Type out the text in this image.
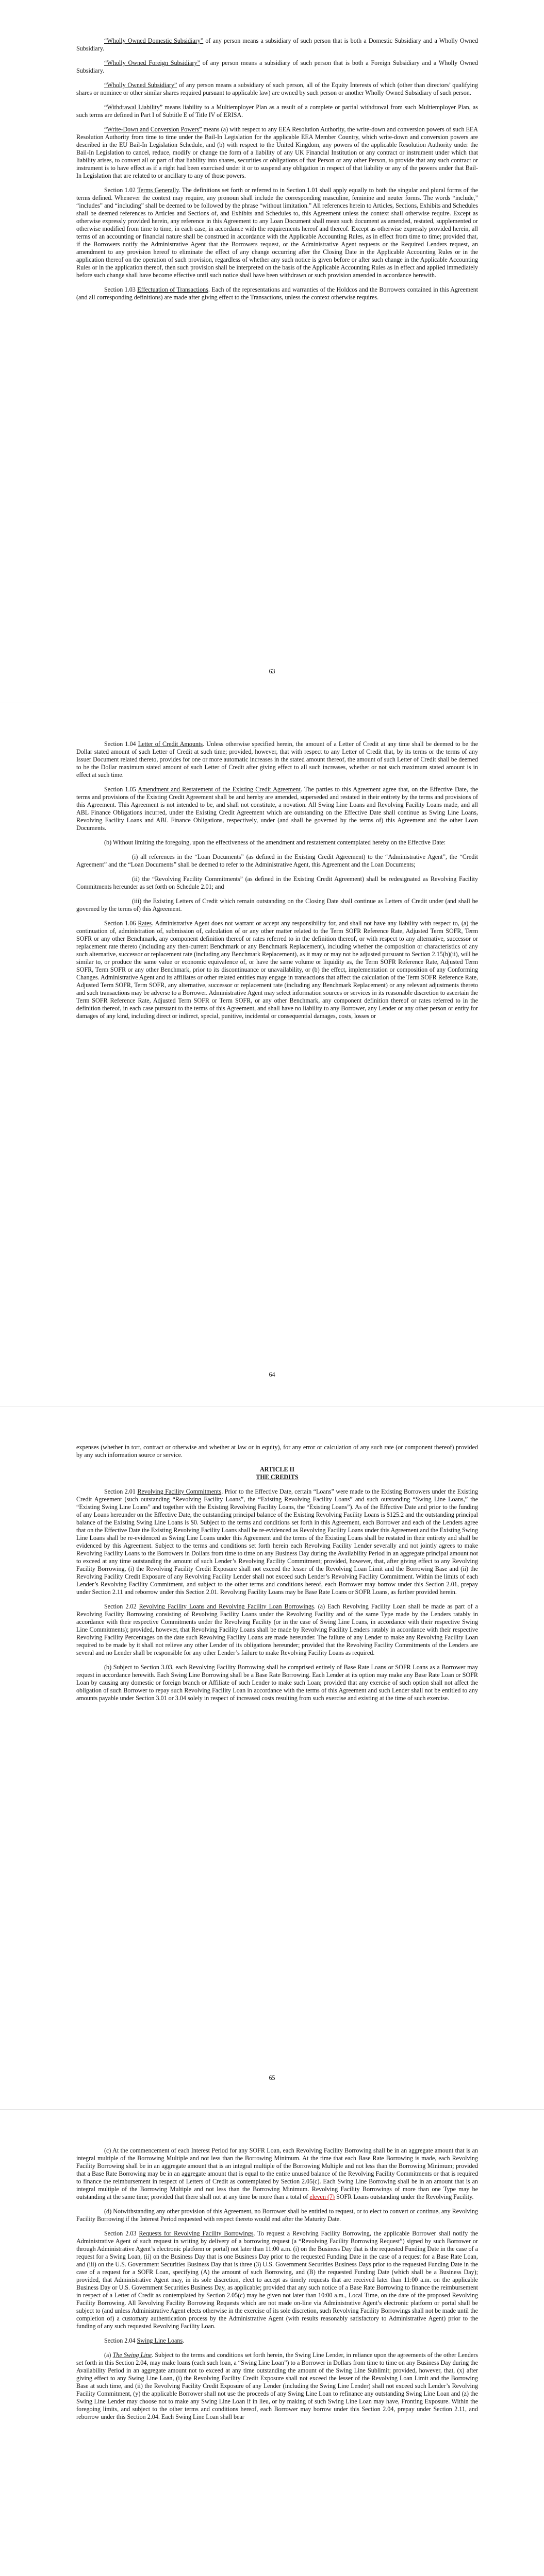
“Wholly Owned Domestic Subsidiary” of any person means a subsidiary of such person that is both a Domestic Subsidiary and a Wholly Owned Subsidiary.

“Wholly Owned Foreign Subsidiary” of any person means a subsidiary of such person that is both a Foreign Subsidiary and a Wholly Owned Subsidiary.

“Wholly Owned Subsidiary” of any person means a subsidiary of such person, all of the Equity Interests of which (other than directors’ qualifying shares or nominee or other similar shares required pursuant to applicable law) are owned by such person or another Wholly Owned Subsidiary of such person.

“Withdrawal Liability” means liability to a Multiemployer Plan as a result of a complete or partial withdrawal from such Multiemployer Plan, as such terms are defined in Part I of Subtitle E of Title IV of ERISA.

“Write-Down and Conversion Powers” means (a) with respect to any EEA Resolution Authority, the write-down and conversion powers of such EEA Resolution Authority from time to time under the Bail-In Legislation for the applicable EEA Member Country, which write-down and conversion powers are described in the EU Bail-In Legislation Schedule, and (b) with respect to the United Kingdom, any powers of the applicable Resolution Authority under the Bail-In Legislation to cancel, reduce, modify or change the form of a liability of any UK Financial Institution or any contract or instrument under which that liability arises, to convert all or part of that liability into shares, securities or obligations of that Person or any other Person, to provide that any such contract or instrument is to have effect as if a right had been exercised under it or to suspend any obligation in respect of that liability or any of the powers under that Bail-In Legislation that are related to or ancillary to any of those powers.

Section 1.02 Terms Generally. The definitions set forth or referred to in Section 1.01 shall apply equally to both the singular and plural forms of the terms defined. Whenever the context may require, any pronoun shall include the corresponding masculine, feminine and neuter forms. The words “include,” “includes” and “including” shall be deemed to be followed by the phrase “without limitation.” All references herein to Articles, Sections, Exhibits and Schedules shall be deemed references to Articles and Sections of, and Exhibits and Schedules to, this Agreement unless the context shall otherwise require. Except as otherwise expressly provided herein, any reference in this Agreement to any Loan Document shall mean such document as amended, restated, supplemented or otherwise modified from time to time, in each case, in accordance with the requirements hereof and thereof. Except as otherwise expressly provided herein, all terms of an accounting or financial nature shall be construed in accordance with the Applicable Accounting Rules, as in effect from time to time; provided that, if the Borrowers notify the Administrative Agent that the Borrowers request, or the Administrative Agent requests or the Required Lenders request, an amendment to any provision hereof to eliminate the effect of any change occurring after the Closing Date in the Applicable Accounting Rules or in the application thereof on the operation of such provision, regardless of whether any such notice is given before or after such change in the Applicable Accounting Rules or in the application thereof, then such provision shall be interpreted on the basis of the Applicable Accounting Rules as in effect and applied immediately before such change shall have become effective until such notice shall have been withdrawn or such provision amended in accordance herewith.

Section 1.03 Effectuation of Transactions. Each of the representations and warranties of the Holdcos and the Borrowers contained in this Agreement (and all corresponding definitions) are made after giving effect to the Transactions, unless the context otherwise requires.

63

Section 1.04 Letter of Credit Amounts. Unless otherwise specified herein, the amount of a Letter of Credit at any time shall be deemed to be the Dollar stated amount of such Letter of Credit at such time; provided, however, that with respect to any Letter of Credit that, by its terms or the terms of any Issuer Document related thereto, provides for one or more automatic increases in the stated amount thereof, the amount of such Letter of Credit shall be deemed to be the Dollar maximum stated amount of such Letter of Credit after giving effect to all such increases, whether or not such maximum stated amount is in effect at such time.

Section 1.05 Amendment and Restatement of the Existing Credit Agreement. The parties to this Agreement agree that, on the Effective Date, the terms and provisions of the Existing Credit Agreement shall be and hereby are amended, superseded and restated in their entirety by the terms and provisions of this Agreement. This Agreement is not intended to be, and shall not constitute, a novation. All Swing Line Loans and Revolving Facility Loans made, and all ABL Finance Obligations incurred, under the Existing Credit Agreement which are outstanding on the Effective Date shall continue as Swing Line Loans, Revolving Facility Loans and ABL Finance Obligations, respectively, under (and shall be governed by the terms of) this Agreement and the other Loan Documents.

(b) Without limiting the foregoing, upon the effectiveness of the amendment and restatement contemplated hereby on the Effective Date:

(i) all references in the “Loan Documents” (as defined in the Existing Credit Agreement) to the “Administrative Agent”, the “Credit Agreement” and the “Loan Documents” shall be deemed to refer to the Administrative Agent, this Agreement and the Loan Documents;

(ii) the “Revolving Facility Commitments” (as defined in the Existing Credit Agreement) shall be redesignated as Revolving Facility Commitments hereunder as set forth on Schedule 2.01; and

(iii) the Existing Letters of Credit which remain outstanding on the Closing Date shall continue as Letters of Credit under (and shall be governed by the terms of) this Agreement.

Section 1.06 Rates. Administrative Agent does not warrant or accept any responsibility for, and shall not have any liability with respect to, (a) the continuation of, administration of, submission of, calculation of or any other matter related to the Term SOFR Reference Rate, Adjusted Term SOFR, Term SOFR or any other Benchmark, any component definition thereof or rates referred to in the definition thereof, or with respect to any alternative, successor or replacement rate thereto (including any then-current Benchmark or any Benchmark Replacement), including whether the composition or characteristics of any such alternative, successor or replacement rate (including any Benchmark Replacement), as it may or may not be adjusted pursuant to Section 2.15(b)(ii), will be similar to, or produce the same value or economic equivalence of, or have the same volume or liquidity as, the Term SOFR Reference Rate, Adjusted Term SOFR, Term SOFR or any other Benchmark, prior to its discontinuance or unavailability, or (b) the effect, implementation or composition of any Conforming Changes. Administrative Agent and its affiliates or other related entities may engage in transactions that affect the calculation of the Term SOFR Reference Rate, Adjusted Term SOFR, Term SOFR, any alternative, successor or replacement rate (including any Benchmark Replacement) or any relevant adjustments thereto and such transactions may be adverse to a Borrower. Administrative Agent may select information sources or services in its reasonable discretion to ascertain the Term SOFR Reference Rate, Adjusted Term SOFR or Term SOFR, or any other Benchmark, any component definition thereof or rates referred to in the definition thereof, in each case pursuant to the terms of this Agreement, and shall have no liability to any Borrower, any Lender or any other person or entity for damages of any kind, including direct or indirect, special, punitive, incidental or consequential damages, costs, losses or

64

expenses (whether in tort, contract or otherwise and whether at law or in equity), for any error or calculation of any such rate (or component thereof) provided by any such information source or service.

ARTICLE II

THE CREDITS

Section 2.01 Revolving Facility Commitments. Prior to the Effective Date, certain “Loans” were made to the Existing Borrowers under the Existing Credit Agreement (such outstanding “Revolving Facility Loans”, the “Existing Revolving Facility Loans” and such outstanding “Swing Line Loans,” the “Existing Swing Line Loans” and together with the Existing Revolving Facility Loans, the “Existing Loans”). As of the Effective Date and prior to the funding of any Loans hereunder on the Effective Date, the outstanding principal balance of the Existing Revolving Facility Loans is $125.2 and the outstanding principal balance of the Existing Swing Line Loans is $0. Subject to the terms and conditions set forth in this Agreement, each Borrower and each of the Lenders agree that on the Effective Date the Existing Revolving Facility Loans shall be re-evidenced as Revolving Facility Loans under this Agreement and the Existing Swing Line Loans shall be re-evidenced as Swing Line Loans under this Agreement and the terms of the Existing Loans shall be restated in their entirety and shall be evidenced by this Agreement. Subject to the terms and conditions set forth herein each Revolving Facility Lender severally and not jointly agrees to make Revolving Facility Loans to the Borrowers in Dollars from time to time on any Business Day during the Availability Period in an aggregate principal amount not to exceed at any time outstanding the amount of such Lender’s Revolving Facility Commitment; provided, however, that, after giving effect to any Revolving Facility Borrowing, (i) the Revolving Facility Credit Exposure shall not exceed the lesser of the Revolving Loan Limit and the Borrowing Base and (ii) the Revolving Facility Credit Exposure of any Revolving Facility Lender shall not exceed such Lender’s Revolving Facility Commitment. Within the limits of each Lender’s Revolving Facility Commitment, and subject to the other terms and conditions hereof, each Borrower may borrow under this Section 2.01, prepay under Section 2.11 and reborrow under this Section 2.01. Revolving Facility Loans may be Base Rate Loans or SOFR Loans, as further provided herein.

Section 2.02 Revolving Facility Loans and Revolving Facility Loan Borrowings. (a) Each Revolving Facility Loan shall be made as part of a Revolving Facility Borrowing consisting of Revolving Facility Loans under the Revolving Facility and of the same Type made by the Lenders ratably in accordance with their respective Commitments under the Revolving Facility (or in the case of Swing Line Loans, in accordance with their respective Swing Line Commitments); provided, however, that Revolving Facility Loans shall be made by Revolving Facility Lenders ratably in accordance with their respective Revolving Facility Percentages on the date such Revolving Facility Loans are made hereunder. The failure of any Lender to make any Revolving Facility Loan required to be made by it shall not relieve any other Lender of its obligations hereunder; provided that the Revolving Facility Commitments of the Lenders are several and no Lender shall be responsible for any other Lender’s failure to make Revolving Facility Loans as required.

(b) Subject to Section 3.03, each Revolving Facility Borrowing shall be comprised entirely of Base Rate Loans or SOFR Loans as a Borrower may request in accordance herewith. Each Swing Line Borrowing shall be a Base Rate Borrowing. Each Lender at its option may make any Base Rate Loan or SOFR Loan by causing any domestic or foreign branch or Affiliate of such Lender to make such Loan; provided that any exercise of such option shall not affect the obligation of such Borrower to repay such Revolving Facility Loan in accordance with the terms of this Agreement and such Lender shall not be entitled to any amounts payable under Section 3.01 or 3.04 solely in respect of increased costs resulting from such exercise and existing at the time of such exercise.

65

(c) At the commencement of each Interest Period for any SOFR Loan, each Revolving Facility Borrowing shall be in an aggregate amount that is an integral multiple of the Borrowing Multiple and not less than the Borrowing Minimum. At the time that each Base Rate Borrowing is made, each Revolving Facility Borrowing shall be in an aggregate amount that is an integral multiple of the Borrowing Multiple and not less than the Borrowing Minimum; provided that a Base Rate Borrowing may be in an aggregate amount that is equal to the entire unused balance of the Revolving Facility Commitments or that is required to finance the reimbursement in respect of Letters of Credit as contemplated by Section 2.05(c). Each Swing Line Borrowing shall be in an amount that is an integral multiple of the Borrowing Multiple and not less than the Borrowing Minimum. Revolving Facility Borrowings of more than one Type may be outstanding at the same time; provided that there shall not at any time be more than a total of eleven (7) SOFR Loans outstanding under the Revolving Facility.

(d) Notwithstanding any other provision of this Agreement, no Borrower shall be entitled to request, or to elect to convert or continue, any Revolving Facility Borrowing if the Interest Period requested with respect thereto would end after the Maturity Date.

Section 2.03 Requests for Revolving Facility Borrowings. To request a Revolving Facility Borrowing, the applicable Borrower shall notify the Administrative Agent of such request in writing by delivery of a borrowing request (a “Revolving Facility Borrowing Request”) signed by such Borrower or through Administrative Agent’s electronic platform or portal) not later than 11:00 a.m. (i) on the Business Day that is the requested Funding Date in the case of a request for a Swing Loan, (ii) on the Business Day that is one Business Day prior to the requested Funding Date in the case of a request for a Base Rate Loan, and (iii) on the U.S. Government Securities Business Day that is three (3) U.S. Government Securities Business Days prior to the requested Funding Date in the case of a request for a SOFR Loan, specifying (A) the amount of such Borrowing, and (B) the requested Funding Date (which shall be a Business Day); provided, that Administrative Agent may, in its sole discretion, elect to accept as timely requests that are received later than 11:00 a.m. on the applicable Business Day or U.S. Government Securities Business Day, as applicable; provided that any such notice of a Base Rate Borrowing to finance the reimbursement in respect of a Letter of Credit as contemplated by Section 2.05(c) may be given not later than 10:00 a.m., Local Time, on the date of the proposed Revolving Facility Borrowing. All Revolving Facility Borrowing Requests which are not made on-line via Administrative Agent’s electronic platform or portal shall be subject to (and unless Administrative Agent elects otherwise in the exercise of its sole discretion, such Revolving Facility Borrowings shall not be made until the completion of) a customary authentication process by the Administrative Agent (with results reasonably satisfactory to Administrative Agent) prior to the funding of any such requested Revolving Facility Loan.

Section 2.04 Swing Line Loans.

(a) The Swing Line. Subject to the terms and conditions set forth herein, the Swing Line Lender, in reliance upon the agreements of the other Lenders set forth in this Section 2.04, may make loans (each such loan, a “Swing Line Loan”) to a Borrower in Dollars from time to time on any Business Day during the Availability Period in an aggregate amount not to exceed at any time outstanding the amount of the Swing Line Sublimit; provided, however, that, (x) after giving effect to any Swing Line Loan, (i) the Revolving Facility Credit Exposure shall not exceed the lesser of the Revolving Loan Limit and the Borrowing Base at such time, and (ii) the Revolving Facility Credit Exposure of any Lender (including the Swing Line Lender) shall not exceed such Lender’s Revolving Facility Commitment, (y) the applicable Borrower shall not use the proceeds of any Swing Line Loan to refinance any outstanding Swing Line Loan and (z) the Swing Line Lender may choose not to make any Swing Line Loan if in lieu, or by making of such Swing Line Loan may have, Fronting Exposure. Within the foregoing limits, and subject to the other terms and conditions hereof, each Borrower may borrow under this Section 2.04, prepay under Section 2.11, and reborrow under this Section 2.04. Each Swing Line Loan shall bear
